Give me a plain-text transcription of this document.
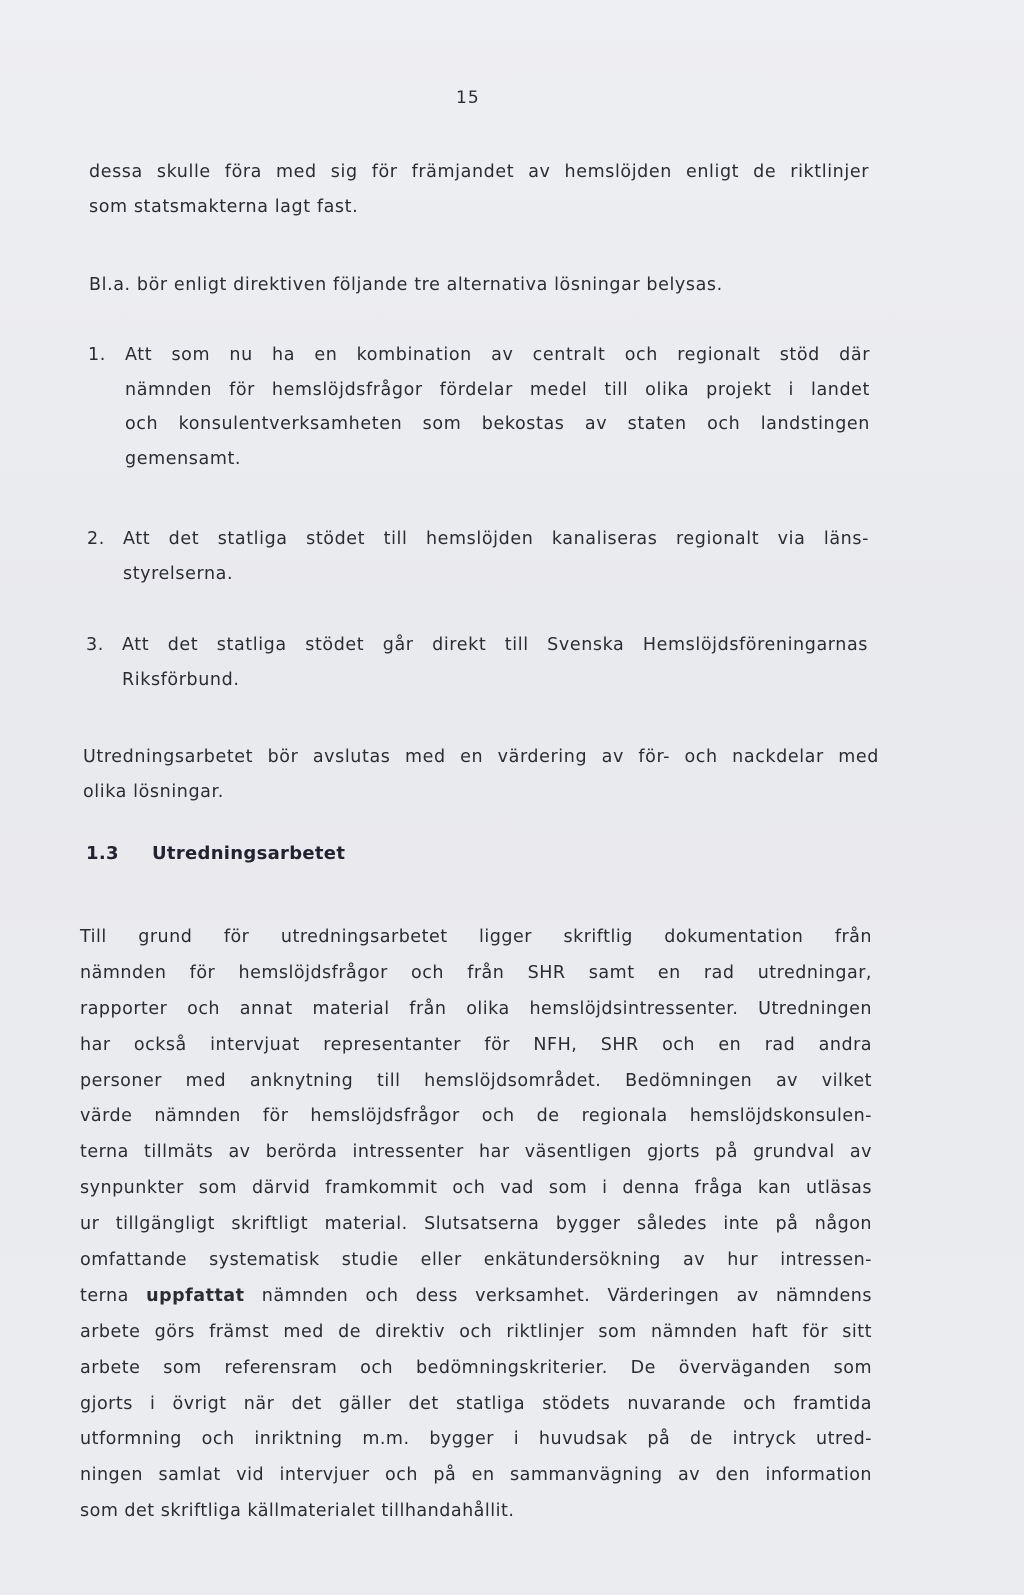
15
dessa skulle föra med sig för främjandet av hemslöjden enligt de riktlinjer
som statsmakterna lagt fast.
Bl.a. bör enligt direktiven följande tre alternativa lösningar belysas.
1. Att som nu ha en kombination av centralt och regionalt stöd där
nämnden för hemslöjdsfrågor fördelar medel till olika projekt i landet
och konsulentverksamheten som bekostas av staten och landstingen
gemensamt.
2. Att det statliga stödet till hemslöjden kanaliseras regionalt via läns-
styrelserna.
3. Att det statliga stödet går direkt till Svenska Hemslöjdsföreningarnas
Riksförbund.
Utredningsarbetet bör avslutas med en värdering av för- och nackdelar med
olika lösningar.
1.3 Utredningsarbetet
Till grund för utredningsarbetet ligger skriftlig dokumentation från
nämnden för hemslöjdsfrågor och från SHR samt en rad utredningar,
rapporter och annat material från olika hemslöjdsintressenter. Utredningen
har också intervjuat representanter för NFH, SHR och en rad andra
personer med anknytning till hemslöjdsområdet. Bedömningen av vilket
värde nämnden för hemslöjdsfrågor och de regionala hemslöjdskonsulen-
terna tillmäts av berörda intressenter har väsentligen gjorts på grundval av
synpunkter som därvid framkommit och vad som i denna fråga kan utläsas
ur tillgängligt skriftligt material. Slutsatserna bygger således inte på någon
omfattande systematisk studie eller enkätundersökning av hur intressen-
terna uppfattat nämnden och dess verksamhet. Värderingen av nämndens
arbete görs främst med de direktiv och riktlinjer som nämnden haft för sitt
arbete som referensram och bedömningskriterier. De överväganden som
gjorts i övrigt när det gäller det statliga stödets nuvarande och framtida
utformning och inriktning m.m. bygger i huvudsak på de intryck utred-
ningen samlat vid intervjuer och på en sammanvägning av den information
som det skriftliga källmaterialet tillhandahållit.
